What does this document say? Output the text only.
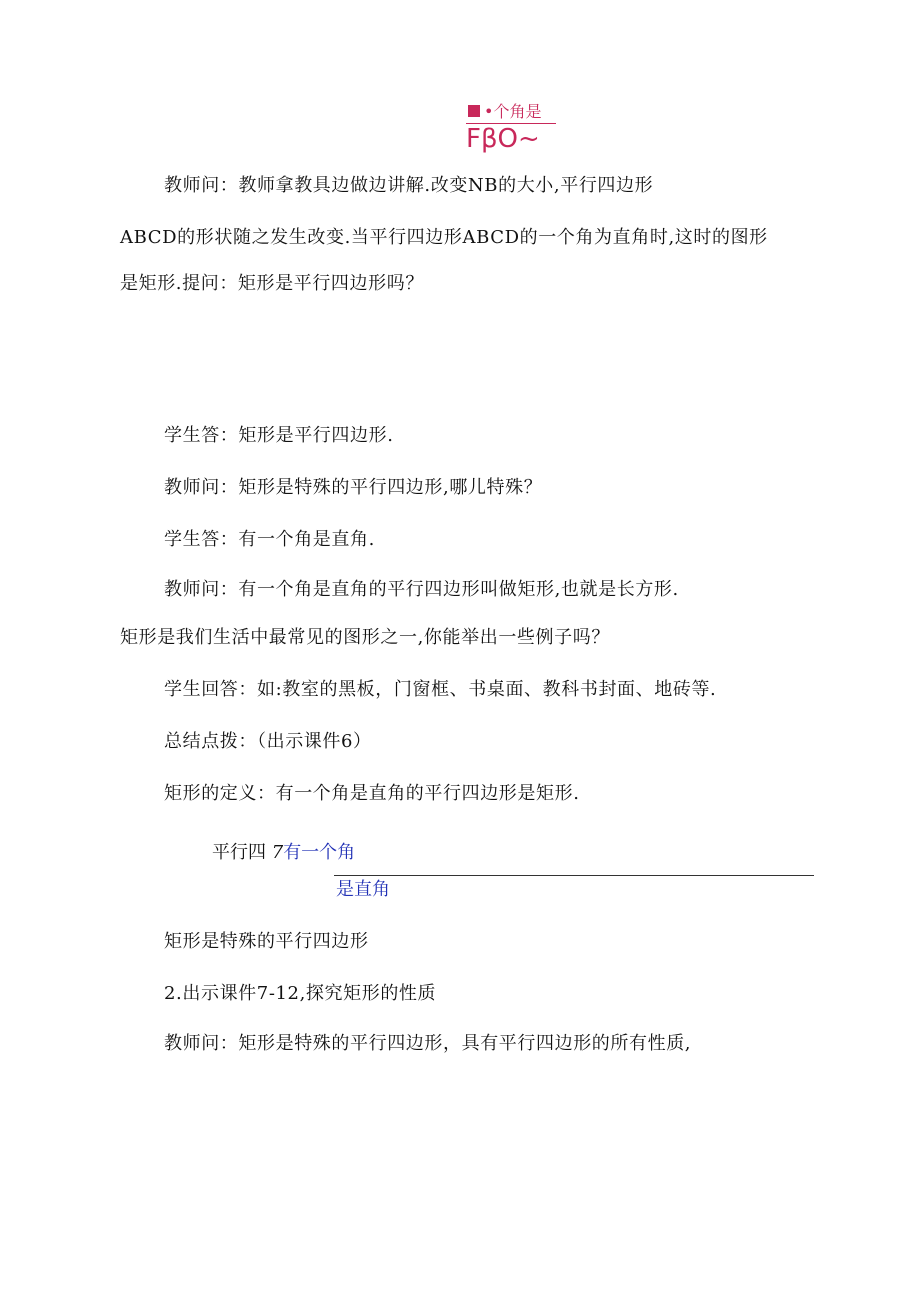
•个角是
FβO~
教师问：教师拿教具边做边讲解.改变NB的大小,平行四边形
ABCD的形状随之发生改变.当平行四边形ABCD的一个角为直角时,这时的图形
是矩形.提问：矩形是平行四边形吗？
学生答：矩形是平行四边形.
教师问：矩形是特殊的平行四边形,哪儿特殊？
学生答：有一个角是直角.
教师问：有一个角是直角的平行四边形叫做矩形,也就是长方形.
矩形是我们生活中最常见的图形之一,你能举出一些例子吗？
学生回答：如:教室的黑板，门窗框、书桌面、教科书封面、地砖等.
总结点拨：（出示课件6）
矩形的定义：有一个角是直角的平行四边形是矩形.
平行四 7有一个角
是直角
矩形是特殊的平行四边形
2.出示课件7-12,探究矩形的性质
教师问：矩形是特殊的平行四边形，具有平行四边形的所有性质,
